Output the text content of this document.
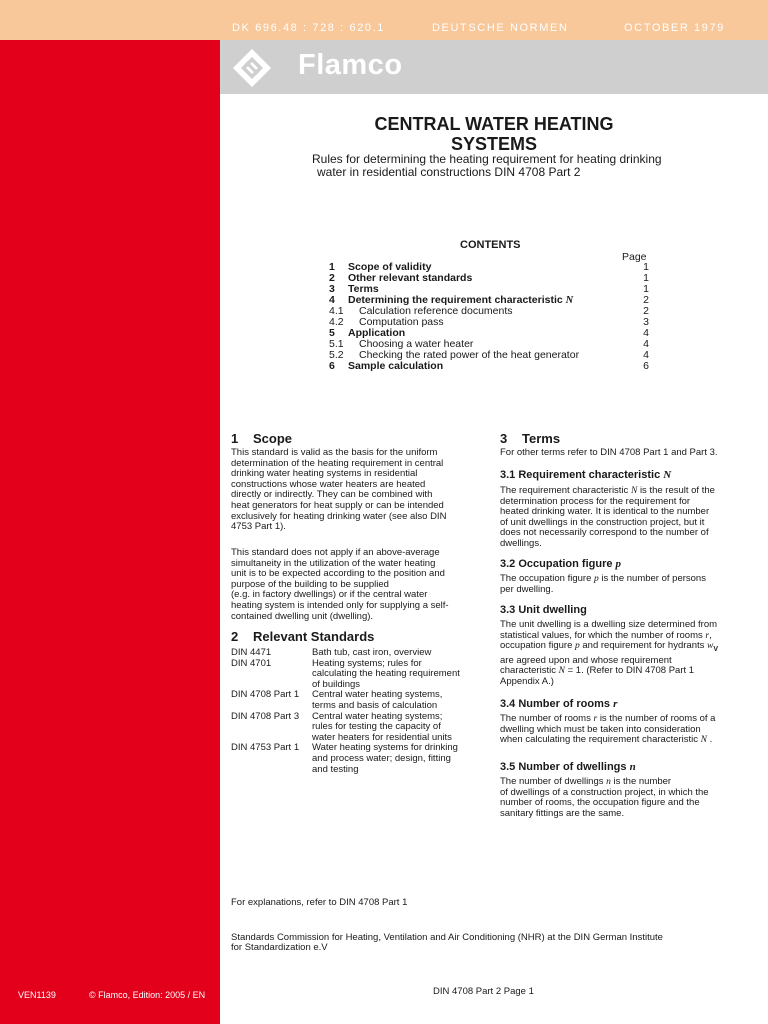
DK 696.48 : 728 : 620.1	DEUTSCHE NORMEN	OCTOBER 1979
Flamco
CENTRAL WATER HEATING
SYSTEMS
Rules for determining the heating requirement for heating drinking
water in residential constructions DIN 4708 Part 2
CONTENTS
Page
1 Scope of validity	1
2 Other relevant standards	1
3 Terms	1
4 Determining the requirement characteristic N	2
4.1 Calculation reference documents	2
4.2 Computation pass	3
5 Application	4
5.1 Choosing a water heater	4
5.2 Checking the rated power of the heat generator	4
6 Sample calculation	6
1 Scope
This standard is valid as the basis for the uniform
determination of the heating requirement in central
drinking water heating systems in residential
constructions whose water heaters are heated
directly or indirectly. They can be combined with
heat generators for heat supply or can be intended
exclusively for heating drinking water (see also DIN
4753 Part 1).
This standard does not apply if an above-average
simultaneity in the utilization of the water heating
unit is to be expected according to the position and
purpose of the building to be supplied
(e.g. in factory dwellings) or if the central water
heating system is intended only for supplying a self-
contained dwelling unit (dwelling).
2 Relevant Standards
DIN 4471	Bath tub, cast iron, overview
DIN 4701	Heating systems; rules for
calculating the heating requirement
of buildings
DIN 4708 Part 1 Central water heating systems,
terms and basis of calculation
DIN 4708 Part 3 Central water heating systems;
rules for testing the capacity of
water heaters for residential units
DIN 4753 Part 1 Water heating systems for drinking
and process water; design, fitting
and testing
3 Terms
For other terms refer to DIN 4708 Part 1 and Part 3.
3.1 Requirement characteristic N
The requirement characteristic N is the result of the
determination process for the requirement for
heated drinking water. It is identical to the number
of unit dwellings in the construction project, but it
does not necessarily correspond to the number of
dwellings.
3.2 Occupation figure p
The occupation figure p is the number of persons
per dwelling.
3.3 Unit dwelling
The unit dwelling is a dwelling size determined from
statistical values, for which the number of rooms r,
occupation figure p and requirement for hydrants $w_V$
are agreed upon and whose requirement
characteristic N = 1. (Refer to DIN 4708 Part 1
Appendix A.)
3.4 Number of rooms r
The number of rooms r is the number of rooms of a
dwelling which must be taken into consideration
when calculating the requirement characteristic N .
3.5 Number of dwellings n
The number of dwellings n is the number
of dwellings of a construction project, in which the
number of rooms, the occupation figure and the
sanitary fittings are the same.
For explanations, refer to DIN 4708 Part 1
Standards Commission for Heating, Ventilation and Air Conditioning (NHR) at the DIN German Institute
for Standardization e.V
VEN1139	© Flamco, Edition: 2005 / EN	DIN 4708 Part 2 Page 1
